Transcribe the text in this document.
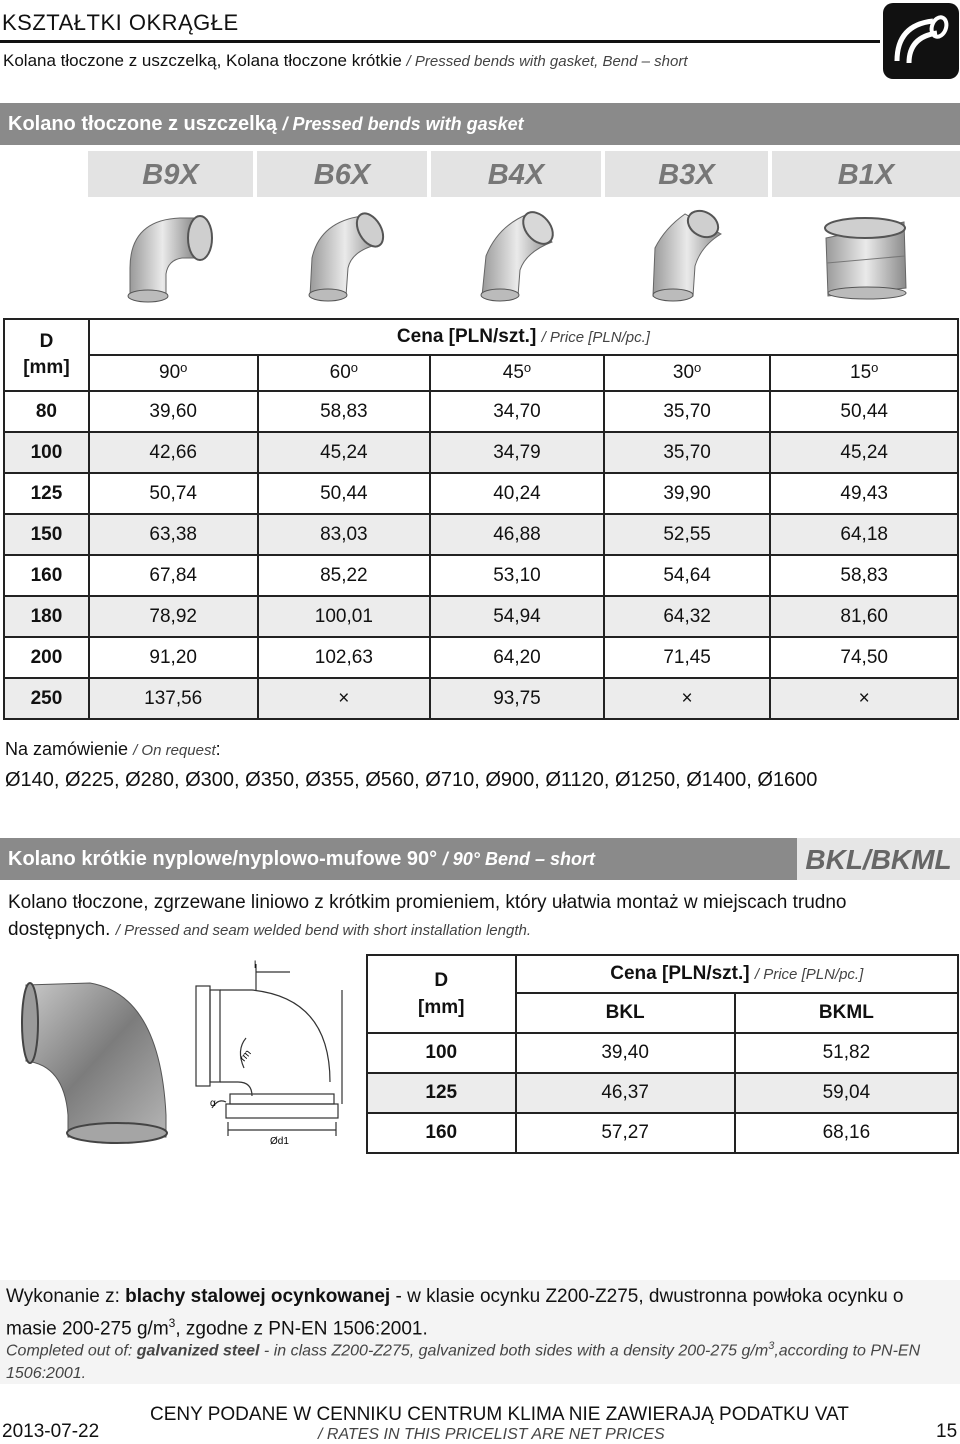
KSZTAŁTKI OKRĄGŁE
Kolana tłoczone z uszczelką, Kolana tłoczone krótkie / Pressed bends with gasket, Bend – short
Kolano tłoczone z uszczelką / Pressed bends with gasket
B9X	B6X	B4X	B3X	B1X
D
[mm]	Cena [PLN/szt.] / Price [PLN/pc.]				
	90$^o$	60$^o$	45$^o$	30$^o$	15$^o$
80	39,60	58,83	34,70	35,70	50,44
100	42,66	45,24	34,79	35,70	45,24
125	50,74	50,44	40,24	39,90	49,43
150	63,38	83,03	46,88	52,55	64,18
160	67,84	85,22	53,10	54,64	58,83
180	78,92	100,01	54,94	64,32	81,60
200	91,20	102,63	64,20	71,45	74,50
250	137,56	×	93,75	×	×
Na zamówienie / On request:
Ø140, Ø225, Ø280, Ø300, Ø350, Ø355, Ø560, Ø710, Ø900, Ø1120, Ø1250, Ø1400, Ø1600
Kolano krótkie nyplowe/nyplowo-mufowe 90° / 90° Bend – short	BKL/BKML
Kolano tłoczone, zgrzewane liniowo z krótkim promieniem, który ułatwia montaż w miejscach trudno dostępnych. / Pressed and seam welded bend with short installation length.
l
rm
α
Ød1
D
[mm]	Cena [PLN/szt.] / Price [PLN/pc.]	
	BKL	BKML
100	39,40	51,82
125	46,37	59,04
160	57,27	68,16
Wykonanie z: blachy stalowej ocynkowanej - w klasie ocynku Z200-Z275, dwustronna powłoka ocynku o masie 200-275 $g/m^3$, zgodne z PN-EN 1506:2001.
Completed out of: galvanized steel - in class Z200-Z275, galvanized both sides with a density 200-275 $g/m^3,according$ to PN-EN 1506:2001.
2013-07-22
CENY PODANE W CENNIKU CENTRUM KLIMA NIE ZAWIERAJĄ PODATKU VAT
/ RATES IN THIS PRICELIST ARE NET PRICES	15
